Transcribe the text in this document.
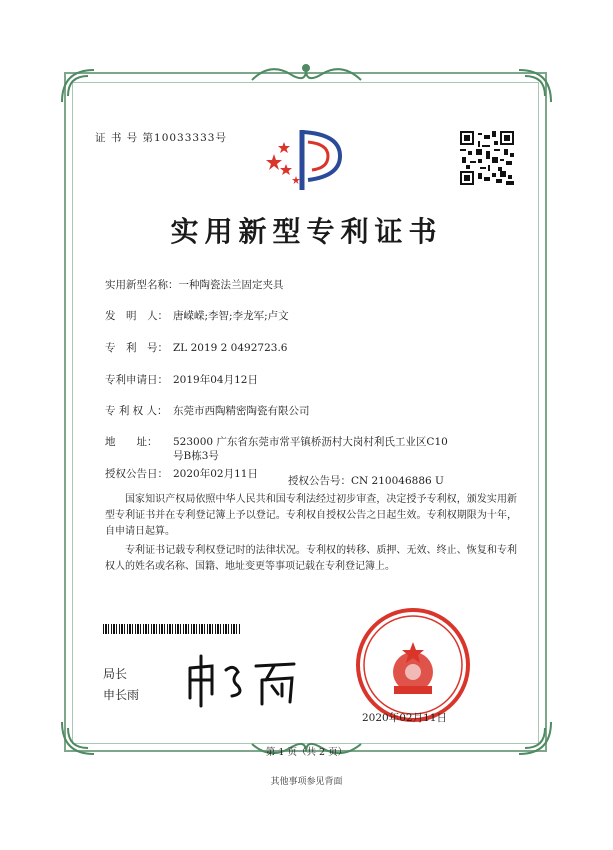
证 书 号 第10033333号
实用新型专利证书
实用新型名称：一种陶瓷法兰固定夹具
发　明　人： 唐嵘嵘;李智;李龙军;卢文
专　利　号： ZL 2019 2 0492723.6
专利申请日： 2019年04月12日
专 利 权 人： 东莞市西陶精密陶瓷有限公司
地　　址： 523000 广东省东莞市常平镇桥沥村大岗村利氏工业区C10
号B栋3号
授权公告日： 2020年02月11日
授权公告号：CN 210046886 U
国家知识产权局依照中华人民共和国专利法经过初步审查，决定授予专利权，颁发实用新型专利证书并在专利登记簿上予以登记。专利权自授权公告之日起生效。专利权期限为十年，自申请日起算。
专利证书记载专利权登记时的法律状况。专利权的转移、质押、无效、终止、恢复和专利权人的姓名或名称、国籍、地址变更等事项记载在专利登记簿上。
局长
申长雨
2020年02月11日
第 1 页（共 2 页）
其他事项参见背面
